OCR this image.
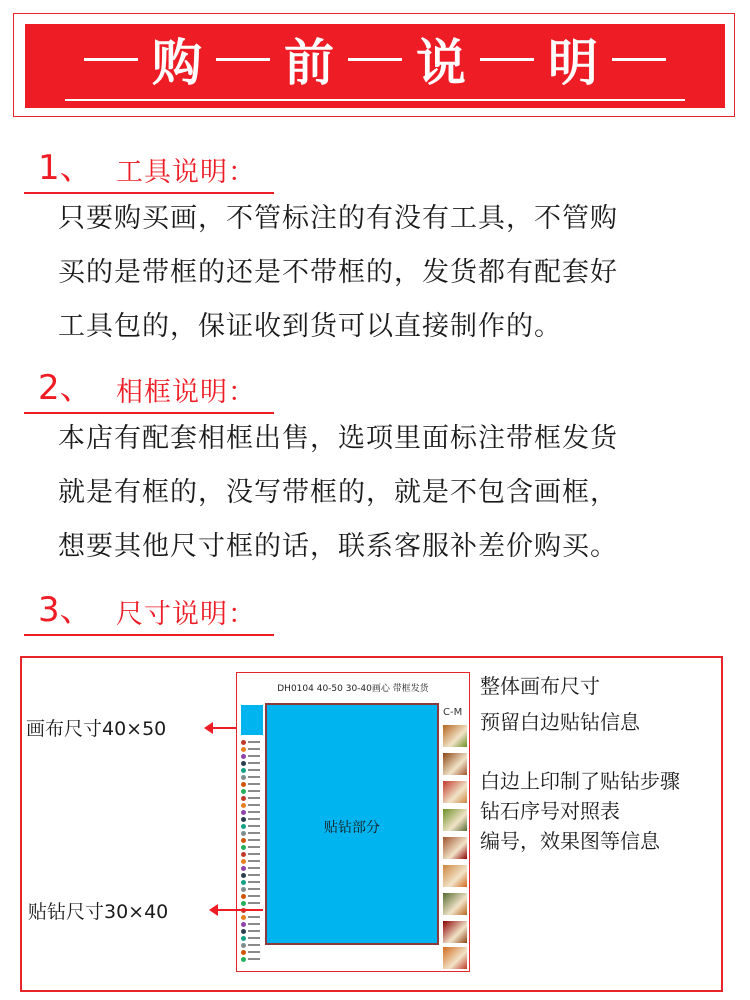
购 前 说 明
1、 工具说明：
只要购买画，不管标注的有没有工具，不管购
买的是带框的还是不带框的，发货都有配套好
工具包的，保证收到货可以直接制作的。
2、 相框说明：
本店有配套相框出售，选项里面标注带框发货
就是有框的，没写带框的，就是不包含画框，
想要其他尺寸框的话，联系客服补差价购买。
3、 尺寸说明：
DH0104 40-50 30-40画心 带框发货
贴钻部分
C-M
画布尺寸40×50
贴钻尺寸30×40
整体画布尺寸
预留白边贴钻信息
白边上印制了贴钻步骤
钻石序号对照表
编号，效果图等信息
